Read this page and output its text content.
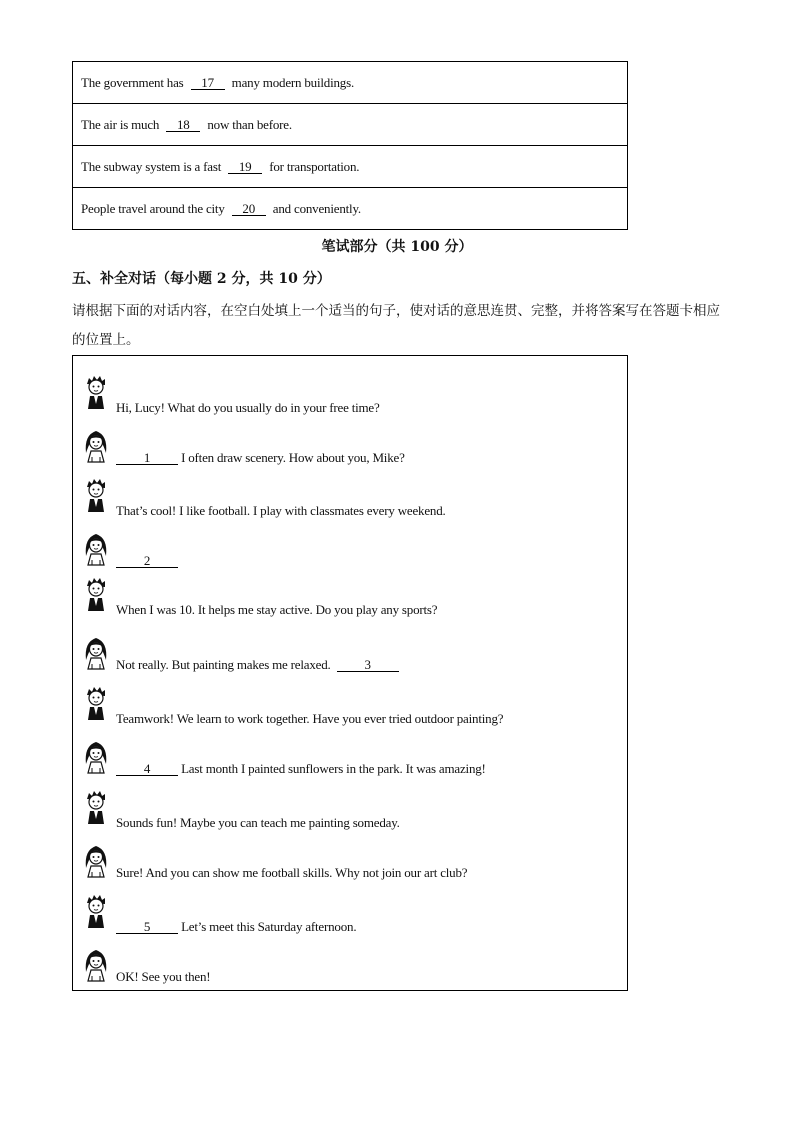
The government has 17 many modern buildings.
The air is much 18 now than before.
The subway system is a fast 19 for transportation.
People travel around the city 20 and conveniently.
笔试部分（共 100 分）
五、补全对话（每小题 2 分，共 10 分）
请根据下面的对话内容，在空白处填上一个适当的句子，使对话的意思连贯、完整，并将答案写在答题卡相应的位置上。
Hi, Lucy! What do you usually do in your free time?
1 I often draw scenery. How about you, Mike?
That’s cool! I like football. I play with classmates every weekend.
2
When I was 10. It helps me stay active. Do you play any sports?
Not really. But painting makes me relaxed.	3
Teamwork! We learn to work together. Have you ever tried outdoor painting?
4 Last month I painted sunflowers in the park. It was amazing!
Sounds fun! Maybe you can teach me painting someday.
Sure! And you can show me football skills. Why not join our art club?
5 Let’s meet this Saturday afternoon.
OK! See you then!
